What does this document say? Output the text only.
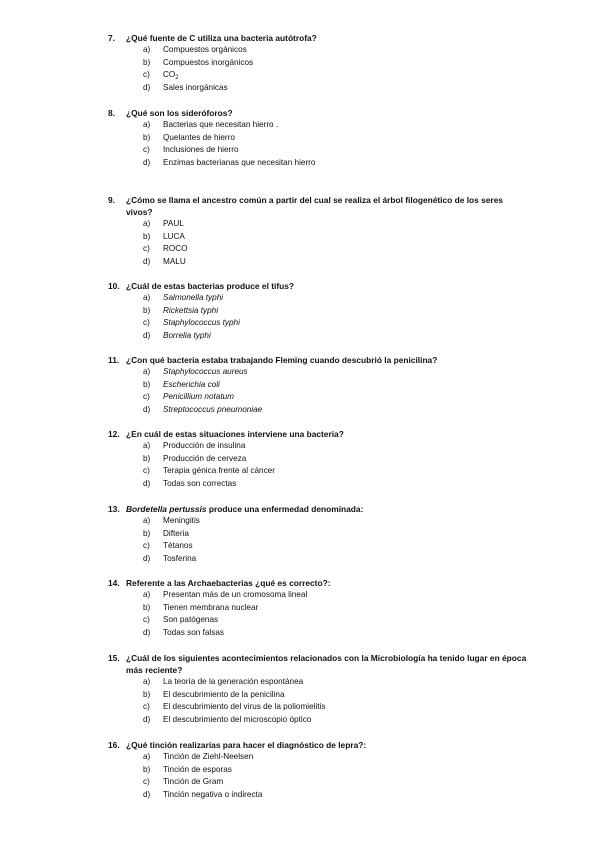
7.	¿Qué fuente de C utiliza una bacteria autótrofa?
a)	Compuestos orgánicos
b)	Compuestos inorgánicos
c)	$CO_2$
d)	Sales inorgánicas
8.	¿Qué son los sideróforos?
a)	Bacterias que necesitan hierro .
b)	Quelantes de hierro
c)	Inclusiones de hierro
d)	Enzimas bacterianas que necesitan hierro
9.	¿Cómo se llama el ancestro común a partir del cual se realiza el árbol filogenético de los seres vivos?
a)	PAUL
b)	LUCA
c)	ROCO
d)	MALU
10. ¿Cuál de estas bacterias produce el tifus?
a)	Salmonella typhi
b)	Rickettsia typhi
c)	Staphylococcus typhi
d)	Borrelia typhi
11. ¿Con qué bacteria estaba trabajando Fleming cuando descubrió la penicilina?
a)	Staphylococcus aureus
b)	Escherichia coli
c)	Penicillium notatum
d)	Streptococcus pneumoniae
12. ¿En cuál de estas situaciones interviene una bacteria?
a)	Producción de insulina
b)	Producción de cerveza
c)	Terapia génica frente al cáncer
d)	Todas son correctas
13. Bordetella pertussis produce una enfermedad denominada:
a)	Meningitis
b)	Difteria
c)	Tétanos
d)	Tosferina
14. Referente a las Archaebacterias ¿qué es correcto?:
a)	Presentan más de un cromosoma lineal
b)	Tienen membrana nuclear
c)	Son patógenas
d)	Todas son falsas
15. ¿Cuál de los siguientes acontecimientos relacionados con la Microbiología ha tenido lugar en época más reciente?
a)	La teoría de la generación espontánea
b)	El descubrimiento de la penicilina
c)	El descubrimiento del virus de la poliomielitis
d)	El descubrimiento del microscopio óptico
16. ¿Qué tinción realizarías para hacer el diagnóstico de lepra?:
a)	Tinción de Ziehl-Neelsen
b)	Tinción de esporas
c)	Tinción de Gram
d)	Tinción negativa o indirecta
